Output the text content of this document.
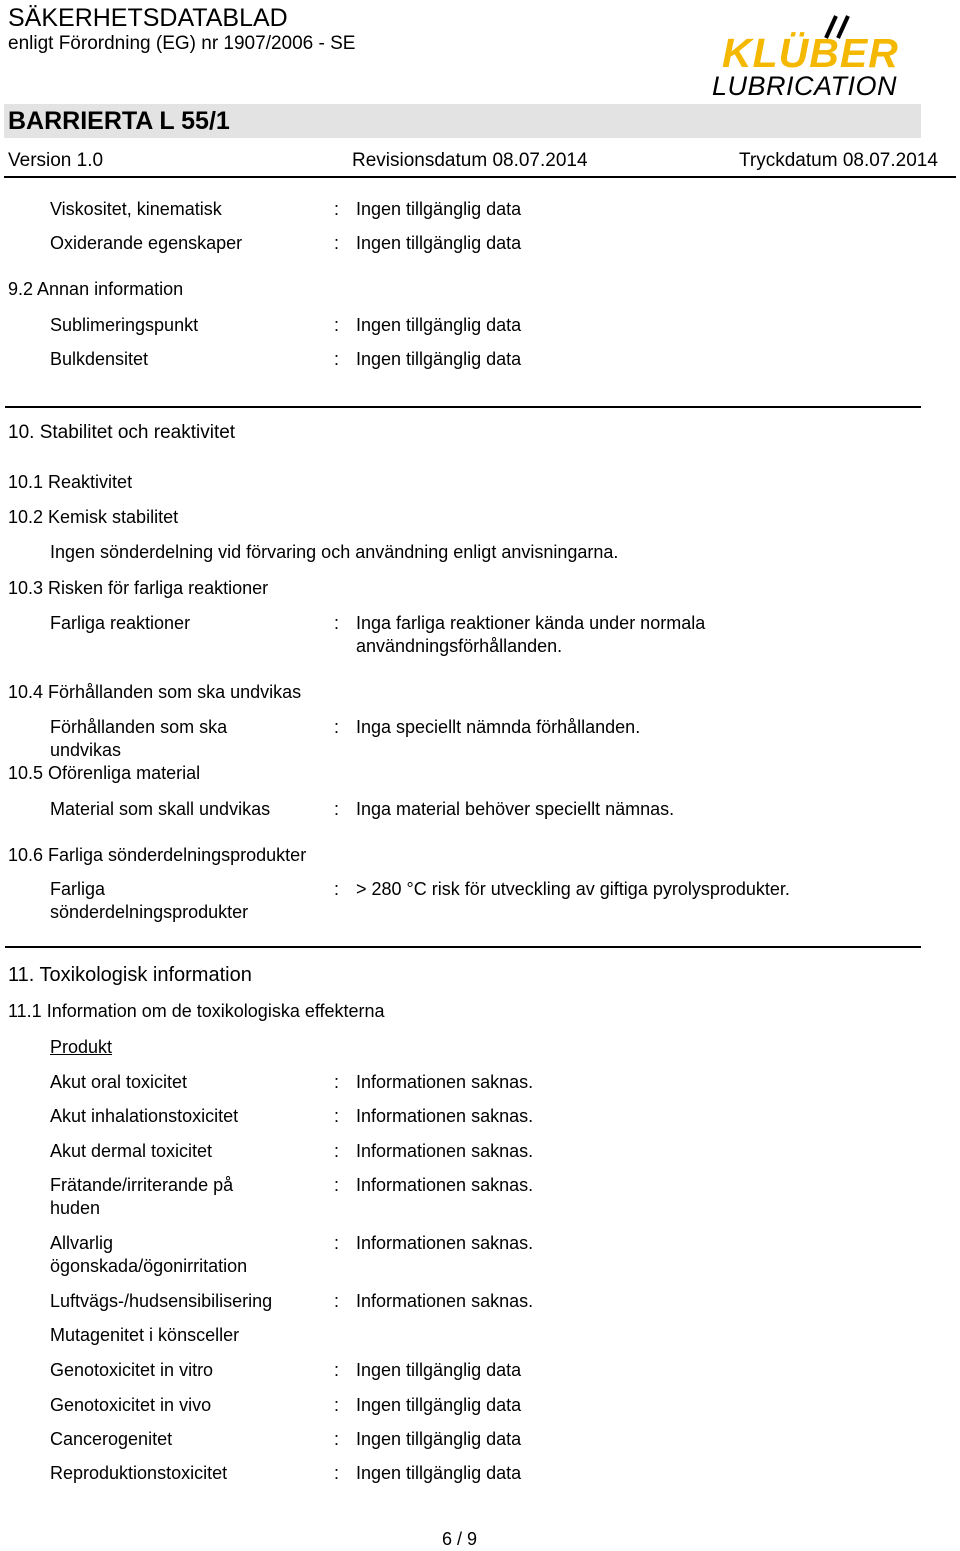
SÄKERHETSDATABLAD
enligt Förordning (EG) nr 1907/2006 - SE	KLÜBER
LUBRICATION
BARRIERTA L 55/1
Version 1.0	Revisionsdatum 08.07.2014	Tryckdatum 08.07.2014
Viskositet, kinematisk	: Ingen tillgänglig data
Oxiderande egenskaper	: Ingen tillgänglig data
9.2 Annan information
Sublimeringspunkt	: Ingen tillgänglig data
Bulkdensitet	: Ingen tillgänglig data
10. Stabilitet och reaktivitet
10.1 Reaktivitet
10.2 Kemisk stabilitet
Ingen sönderdelning vid förvaring och användning enligt anvisningarna.
10.3 Risken för farliga reaktioner
Farliga reaktioner	: Inga farliga reaktioner kända under normala
användningsförhållanden.
10.4 Förhållanden som ska undvikas
Förhållanden som ska
undvikas
: Inga speciellt nämnda förhållanden.
10.5 Oförenliga material
Material som skall undvikas	: Inga material behöver speciellt nämnas.
10.6 Farliga sönderdelningsprodukter
Farliga
sönderdelningsprodukter
: > 280 °C risk för utveckling av giftiga pyrolysprodukter.
11. Toxikologisk information
11.1 Information om de toxikologiska effekterna
Produkt
Akut oral toxicitet	: Informationen saknas.
Akut inhalationstoxicitet	: Informationen saknas.
Akut dermal toxicitet	: Informationen saknas.
Frätande/irriterande på
huden
: Informationen saknas.
Allvarlig
ögonskada/ögonirritation
: Informationen saknas.
Luftvägs-/hudsensibilisering	: Informationen saknas.
Mutagenitet i könsceller
Genotoxicitet in vitro	: Ingen tillgänglig data
Genotoxicitet in vivo	: Ingen tillgänglig data
Cancerogenitet	: Ingen tillgänglig data
Reproduktionstoxicitet	: Ingen tillgänglig data
6 / 9
